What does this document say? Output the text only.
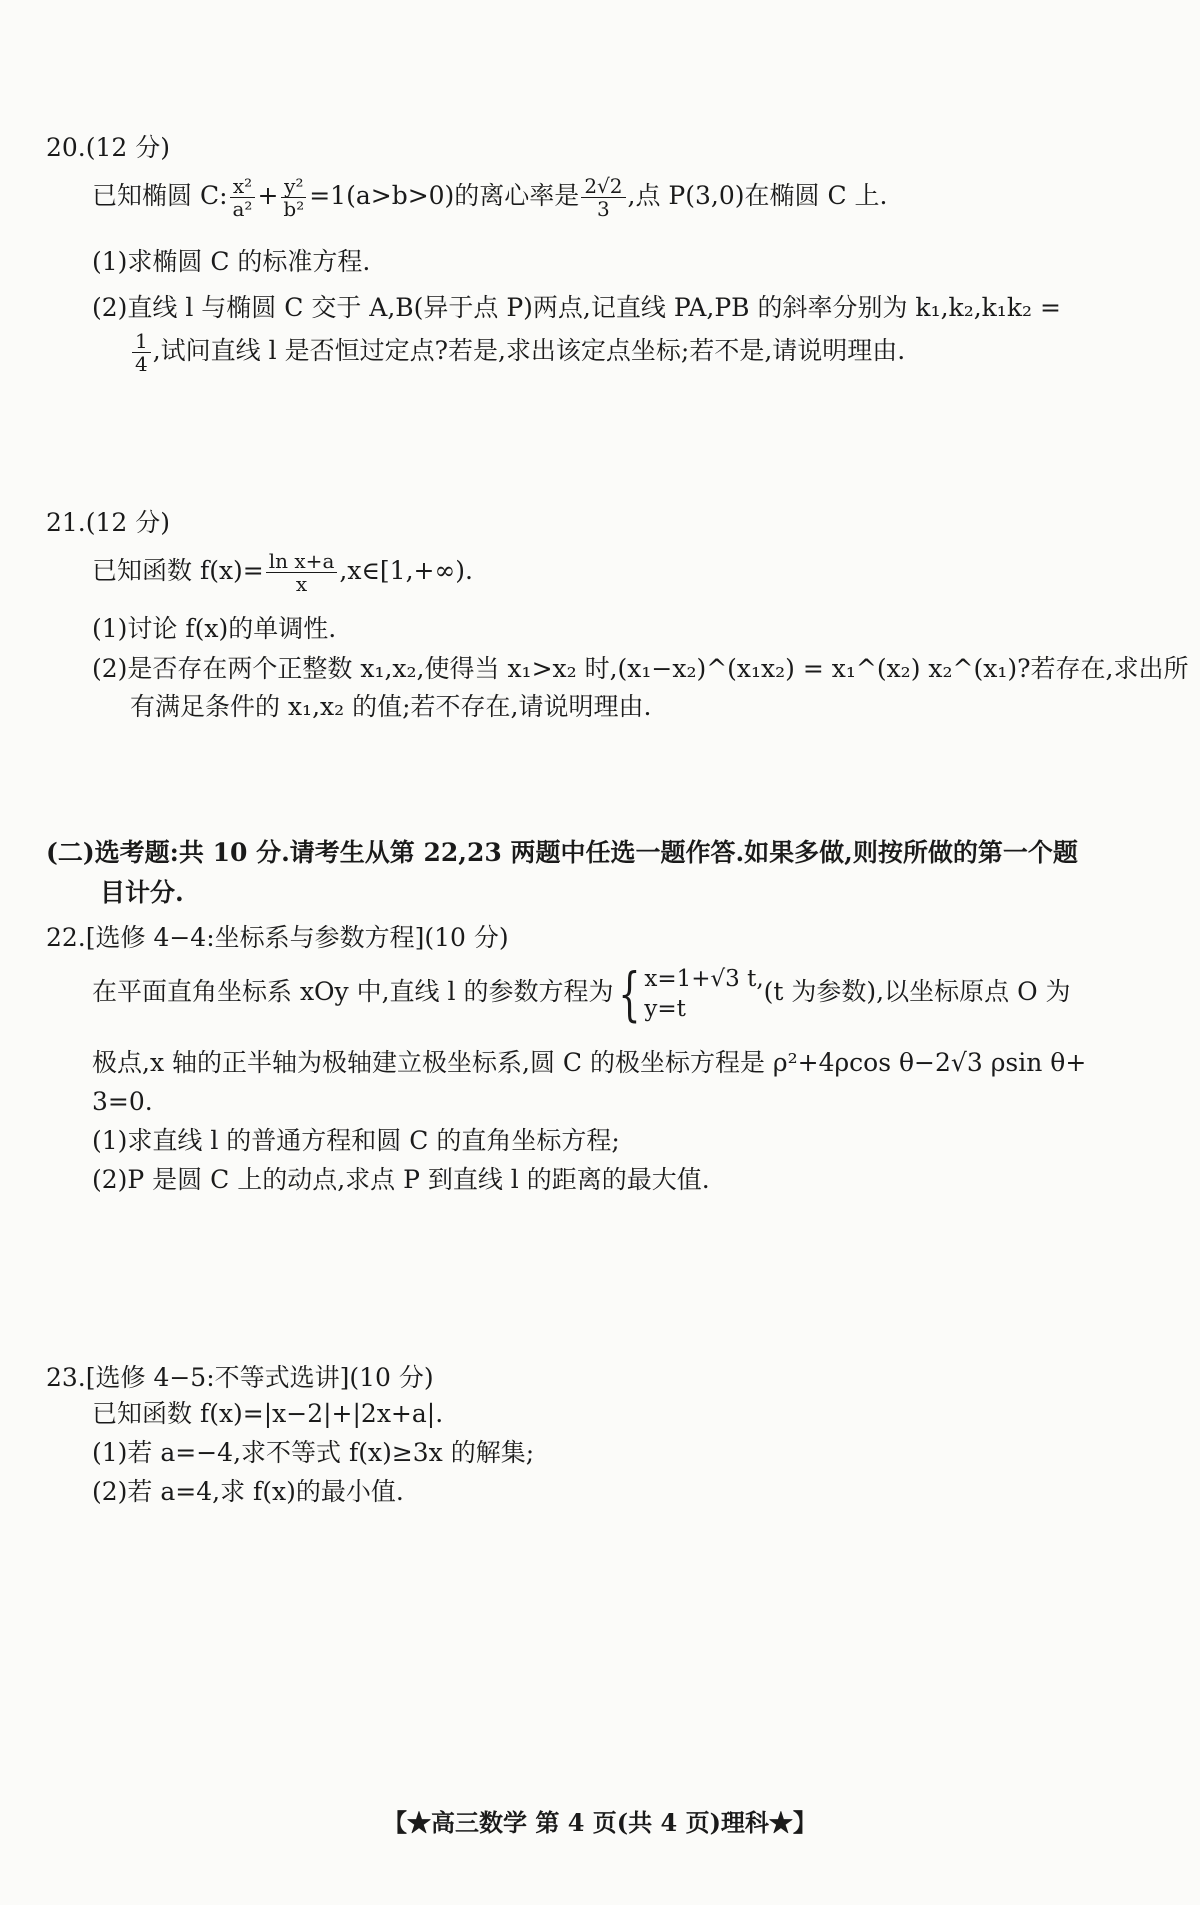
20.(12 分)
已知椭圆 C: $\frac{\text{x²}}{\text{a²}} + \frac{\text{y²}}{\text{b²}} =1(a>b>0)$的离心率是 $\frac{2√2}{3}$ ,点 P(3,0)在椭圆 C 上.
(1)求椭圆 C 的标准方程.
(2)直线 l 与椭圆 C 交于 A,B(异于点 P)两点,记直线 PA,PB 的斜率分别为 k₁,k₂,k₁k₂ =
$\frac{1}{4}$ ,试问直线 l 是否恒过定点?若是,求出该定点坐标;若不是,请说明理由.
21.(12 分)
已知函数 $f(x)= \frac{\text{ln x+a}}{x}$ ,x∈[1,+∞).
(1)讨论 f(x)的单调性.
(2)是否存在两个正整数 x₁,x₂,使得当 x₁>x₂ 时,(x₁−x₂)^(x₁x₂) = x₁^(x₂) x₂^(x₁)?若存在,求出所
有满足条件的 x₁,x₂ 的值;若不存在,请说明理由.
(二)选考题:共 10 分.请考生从第 22,23 两题中任选一题作答.如果多做,则按所做的第一个题
目计分.
22.[选修 4−4:坐标系与参数方程](10 分)
在平面直角坐标系 xOy 中,直线 l 的参数方程为{ x=1+√3 t,
y=t
(t 为参数),以坐标原点 O 为
极点,x 轴的正半轴为极轴建立极坐标系,圆 C 的极坐标方程是 ρ²+4ρcos θ−2√3 ρsin θ+
3=0.
(1)求直线 l 的普通方程和圆 C 的直角坐标方程;
(2)P 是圆 C 上的动点,求点 P 到直线 l 的距离的最大值.
23.[选修 4−5:不等式选讲](10 分)
已知函数 f(x)=|x−2|+|2x+a|.
(1)若 a=−4,求不等式 f(x)≥3x 的解集;
(2)若 a=4,求 f(x)的最小值.
【★高三数学 第 4 页(共 4 页)理科★】
